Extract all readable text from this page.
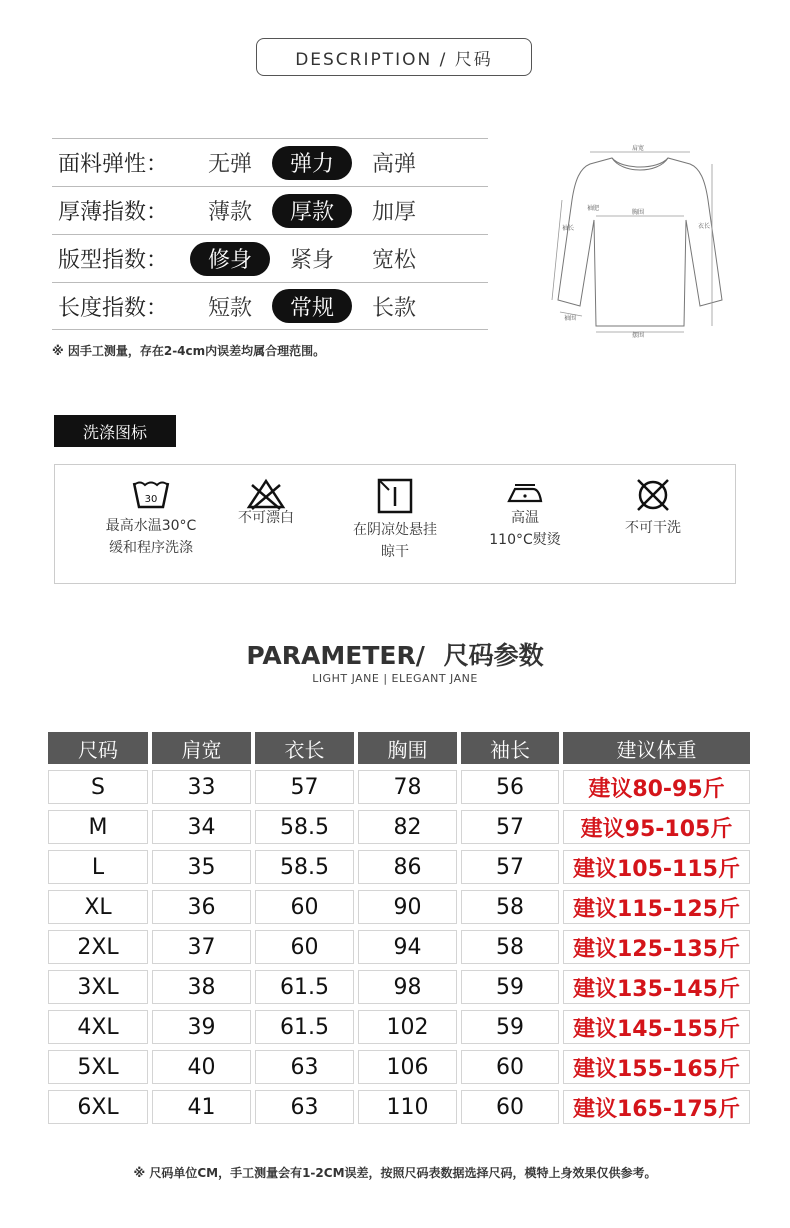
DESCRIPTION / 尺码
面料弹性：	无弹	弹力	高弹
厚薄指数：	薄款	厚款	加厚
版型指数：	修身	紧身	宽松
长度指数：	短款	常规	长款
※ 因手工测量，存在2-4cm内误差均属合理范围。
肩宽
胸围
衣长
袖长
袖肥
袖围
摆围
洗涤图标
30
最高水温30°C
缓和程序洗涤
不可漂白
在阴凉处悬挂
晾干
高温
110°C熨烫
不可干洗
PARAMETER/ 尺码参数
LIGHT JANE | ELEGANT JANE
尺码	肩宽	衣长	胸围	袖长	建议体重
S	33	57	78	56	建议80-95斤
M	34	58.5	82	57	建议95-105斤
L	35	58.5	86	57	建议105-115斤
XL	36	60	90	58	建议115-125斤
2XL	37	60	94	58	建议125-135斤
3XL	38	61.5	98	59	建议135-145斤
4XL	39	61.5	102	59	建议145-155斤
5XL	40	63	106	60	建议155-165斤
6XL	41	63	110	60	建议165-175斤
※ 尺码单位CM，手工测量会有1-2CM误差，按照尺码表数据选择尺码，模特上身效果仅供参考。
